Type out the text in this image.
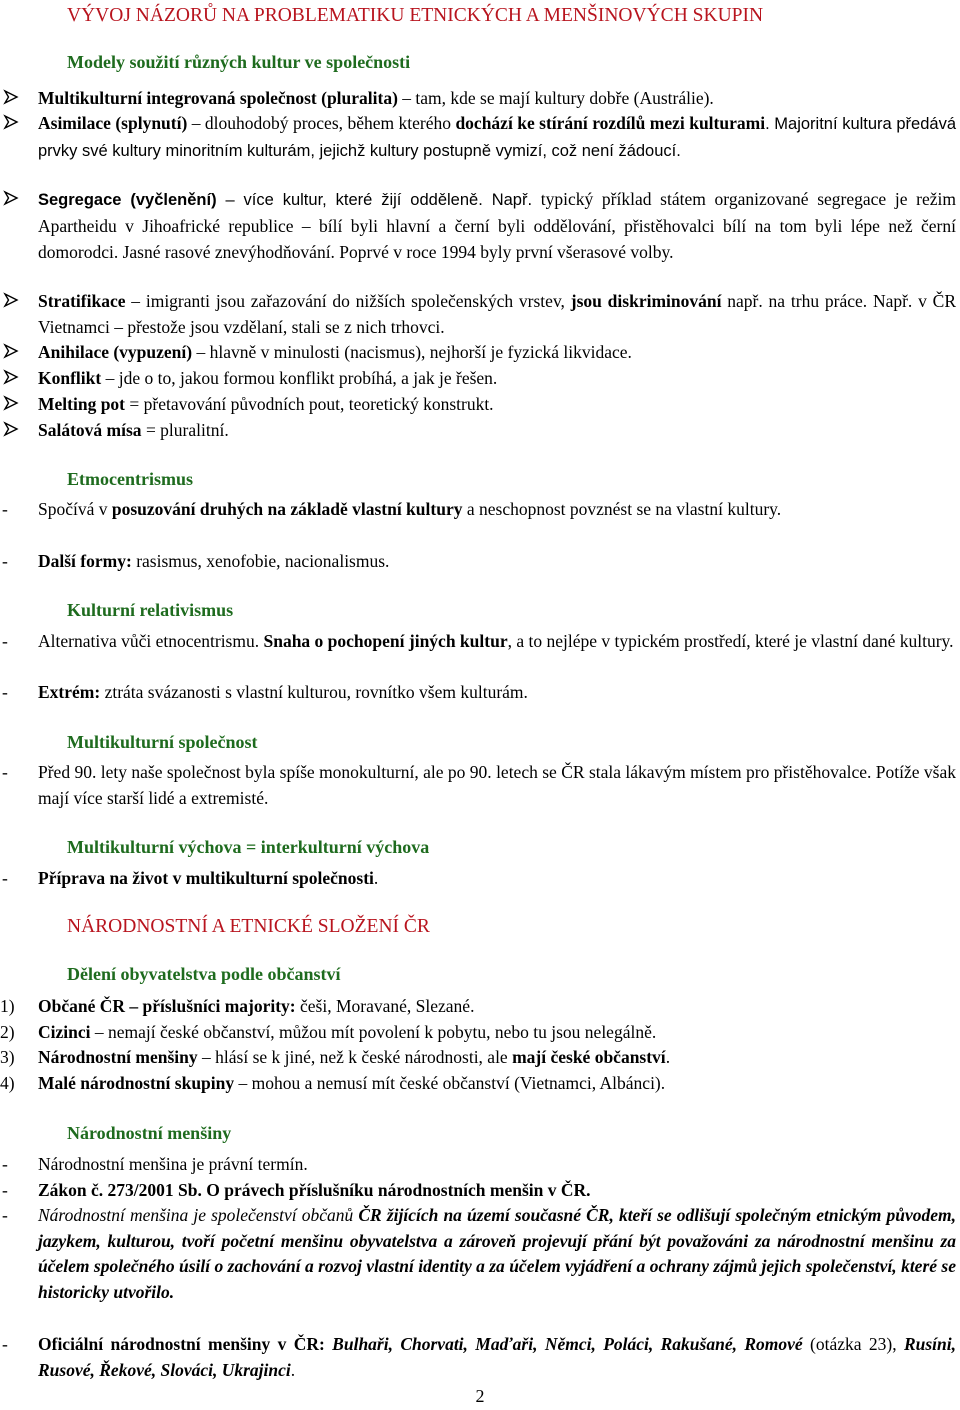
VÝVOJ NÁZORŮ NA PROBLEMATIKU ETNICKÝCH A MENŠINOVÝCH SKUPIN
Modely soužití různých kultur ve společnosti
Multikulturní integrovaná společnost (pluralita) – tam, kde se mají kultury dobře (Austrálie).
Asimilace (splynutí) – dlouhodobý proces, během kterého dochází ke stírání rozdílů mezi kulturami. Majoritní kultura předává prvky své kultury minoritním kulturám, jejichž kultury postupně vymizí, což není žádoucí.
Segregace (vyčlenění) – více kultur, které žijí odděleně. Např. typický příklad státem organizované segregace je režim Apartheidu v Jihoafrické republice – bílí byli hlavní a černí byli oddělování, přistěhovalci bílí na tom byli lépe než černí domorodci. Jasné rasové znevýhodňování. Poprvé v roce 1994 byly první všerasové volby.
Stratifikace – imigranti jsou zařazování do nižších společenských vrstev, jsou diskriminování např. na trhu práce. Např. v ČR Vietnamci – přestože jsou vzdělaní, stali se z nich trhovci.
Anihilace (vypuzení) – hlavně v minulosti (nacismus), nejhorší je fyzická likvidace.
Konflikt – jde o to, jakou formou konflikt probíhá, a jak je řešen.
Melting pot = přetavování původních pout, teoretický konstrukt.
Salátová mísa = pluralitní.
Etmocentrismus
- Spočívá v posuzování druhých na základě vlastní kultury a neschopnost povznést se na vlastní kultury.
- Další formy: rasismus, xenofobie, nacionalismus.
Kulturní relativismus
- Alternativa vůči etnocentrismu. Snaha o pochopení jiných kultur, a to nejlépe v typickém prostředí, které je vlastní dané kultury.
- Extrém: ztráta svázanosti s vlastní kulturou, rovnítko všem kulturám.
Multikulturní společnost
- Před 90. lety naše společnost byla spíše monokulturní, ale po 90. letech se ČR stala lákavým místem pro přistěhovalce. Potíže však mají více starší lidé a extremisté.
Multikulturní výchova = interkulturní výchova
- Příprava na život v multikulturní společnosti.
NÁRODNOSTNÍ A ETNICKÉ SLOŽENÍ ČR
Dělení obyvatelstva podle občanství
1) Občané ČR – příslušníci majority: češi, Moravané, Slezané.
2) Cizinci – nemají české občanství, můžou mít povolení k pobytu, nebo tu jsou nelegálně.
3) Národnostní menšiny – hlásí se k jiné, než k české národnosti, ale mají české občanství.
4) Malé národnostní skupiny – mohou a nemusí mít české občanství (Vietnamci, Albánci).
Národnostní menšiny
- Národnostní menšina je právní termín.
- Zákon č. 273/2001 Sb. O právech příslušníku národnostních menšin v ČR.
- Národnostní menšina je společenství občanů ČR žijících na území současné ČR, kteří se odlišují společným etnickým původem, jazykem, kulturou, tvoří početní menšinu obyvatelstva a zároveň projevují přání být považováni za národnostní menšinu za účelem společného úsilí o zachování a rozvoj vlastní identity a za účelem vyjádření a ochrany zájmů jejich společenství, které se historicky utvořilo.
- Oficiální národnostní menšiny v ČR: Bulhaři, Chorvati, Maďaři, Němci, Poláci, Rakušané, Romové (otázka 23), Rusíni, Rusové, Řekové, Slováci, Ukrajinci.
2
